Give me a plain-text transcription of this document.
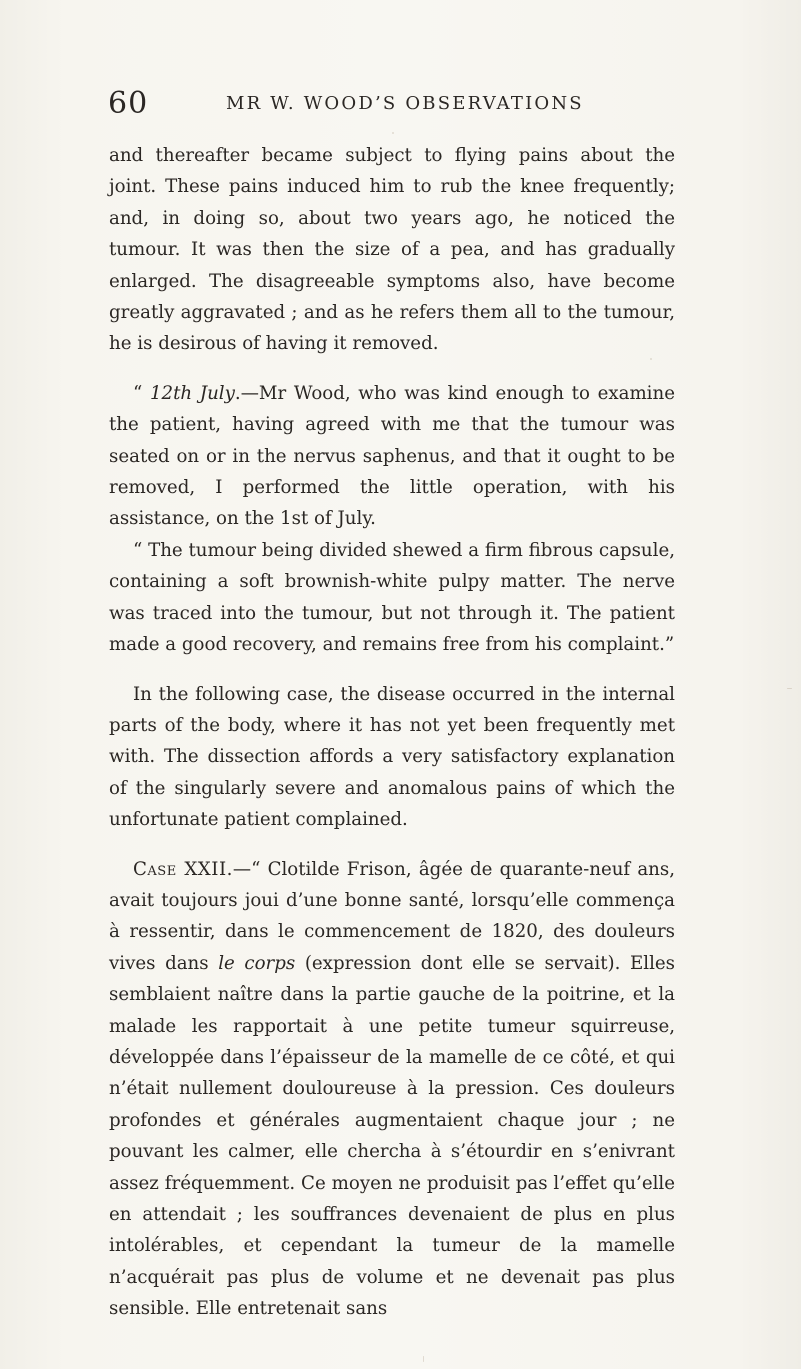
60	MR W. WOOD’S OBSERVATIONS

and thereafter became subject to flying pains about the joint. These pains induced him to rub the knee frequently; and, in doing so, about two years ago, he noticed the tumour. It was then the size of a pea, and has gradually enlarged. The disagreeable symptoms also, have become greatly aggravated ; and as he refers them all to the tumour, he is desirous of having it removed.

“ 12th July.—Mr Wood, who was kind enough to examine the patient, having agreed with me that the tumour was seated on or in the nervus saphenus, and that it ought to be removed, I performed the little operation, with his assistance, on the 1st of July.

“ The tumour being divided shewed a firm fibrous capsule, containing a soft brownish-white pulpy matter. The nerve was traced into the tumour, but not through it. The patient made a good recovery, and remains free from his complaint.”

In the following case, the disease occurred in the internal parts of the body, where it has not yet been frequently met with. The dissection affords a very satisfactory explanation of the singularly severe and anomalous pains of which the unfortunate patient complained.

Case XXII.—“ Clotilde Frison, âgée de quarante-neuf ans, avait toujours joui d’une bonne santé, lorsqu’elle commença à ressentir, dans le commencement de 1820, des douleurs vives dans le corps (expression dont elle se servait). Elles semblaient naître dans la partie gauche de la poitrine, et la malade les rapportait à une petite tumeur squirreuse, développée dans l’épaisseur de la mamelle de ce côté, et qui n’était nullement douloureuse à la pression. Ces douleurs profondes et générales augmentaient chaque jour ; ne pouvant les calmer, elle chercha à s’étourdir en s’enivrant assez fréquemment. Ce moyen ne produisit pas l’effet qu’elle en attendait ; les souffrances devenaient de plus en plus intolérables, et cependant la tumeur de la mamelle n’acquérait pas plus de volume et ne devenait pas plus sensible. Elle entretenait sans
